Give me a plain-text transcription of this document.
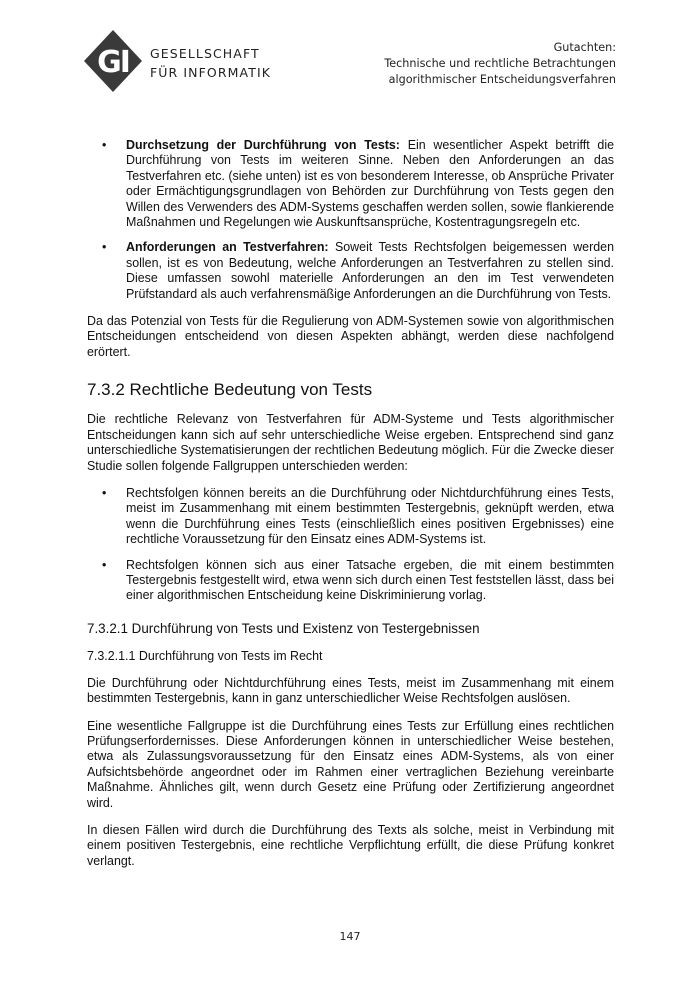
GI GESELLSCHAFT
FÜR INFORMATIK
Gutachten:
Technische und rechtliche Betrachtungen
algorithmischer Entscheidungsverfahren
• Durchsetzung der Durchführung von Tests: Ein wesentlicher Aspekt betrifft die Durchführung von Tests im weiteren Sinne. Neben den Anforderungen an das Testverfahren etc. (siehe unten) ist es von besonderem Interesse, ob Ansprüche Privater oder Ermächtigungsgrundlagen von Behörden zur Durchführung von Tests gegen den Willen des Verwenders des ADM-Systems geschaffen werden sollen, sowie flankierende Maßnahmen und Regelungen wie Auskunftsansprüche, Kostentragungsregeln etc.
• Anforderungen an Testverfahren: Soweit Tests Rechtsfolgen beigemessen werden sollen, ist es von Bedeutung, welche Anforderungen an Testverfahren zu stellen sind. Diese umfassen sowohl materielle Anforderungen an den im Test verwendeten Prüfstandard als auch verfahrensmäßige Anforderungen an die Durchführung von Tests.

Da das Potenzial von Tests für die Regulierung von ADM-Systemen sowie von algorithmischen Entscheidungen entscheidend von diesen Aspekten abhängt, werden diese nachfolgend erörtert.

7.3.2 Rechtliche Bedeutung von Tests

Die rechtliche Relevanz von Testverfahren für ADM-Systeme und Tests algorithmischer Entscheidungen kann sich auf sehr unterschiedliche Weise ergeben. Entsprechend sind ganz unterschiedliche Systematisierungen der rechtlichen Bedeutung möglich. Für die Zwecke dieser Studie sollen folgende Fallgruppen unterschieden werden:

• Rechtsfolgen können bereits an die Durchführung oder Nichtdurchführung eines Tests, meist im Zusammenhang mit einem bestimmten Testergebnis, geknüpft werden, etwa wenn die Durchführung eines Tests (einschließlich eines positiven Ergebnisses) eine rechtliche Voraussetzung für den Einsatz eines ADM-Systems ist.
• Rechtsfolgen können sich aus einer Tatsache ergeben, die mit einem bestimmten Testergebnis festgestellt wird, etwa wenn sich durch einen Test feststellen lässt, dass bei einer algorithmischen Entscheidung keine Diskriminierung vorlag.
7.3.2.1 Durchführung von Tests und Existenz von Testergebnissen
7.3.2.1.1 Durchführung von Tests im Recht

Die Durchführung oder Nichtdurchführung eines Tests, meist im Zusammenhang mit einem bestimmten Testergebnis, kann in ganz unterschiedlicher Weise Rechtsfolgen auslösen.

Eine wesentliche Fallgruppe ist die Durchführung eines Tests zur Erfüllung eines rechtlichen Prüfungserfordernisses. Diese Anforderungen können in unterschiedlicher Weise bestehen, etwa als Zulassungsvoraussetzung für den Einsatz eines ADM-Systems, als von einer Aufsichtsbehörde angeordnet oder im Rahmen einer vertraglichen Beziehung vereinbarte Maßnahme. Ähnliches gilt, wenn durch Gesetz eine Prüfung oder Zertifizierung angeordnet wird.

In diesen Fällen wird durch die Durchführung des Texts als solche, meist in Verbindung mit einem positiven Testergebnis, eine rechtliche Verpflichtung erfüllt, die diese Prüfung konkret verlangt.

147
